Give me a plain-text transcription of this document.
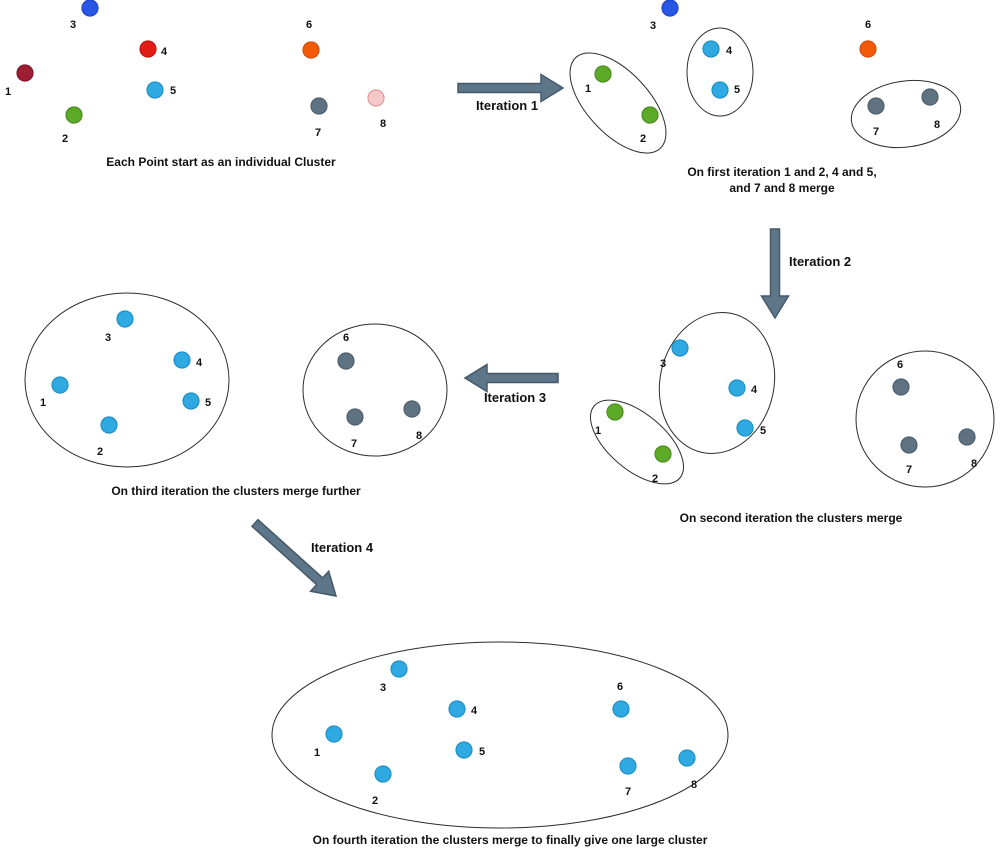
1
2
3
4
5
6
7
8
Each Point start as an individual Cluster
3
1
2
4
5
6
7
8
On first iteration 1 and 2, 4 and 5, and 7 and 8 merge
1
2
3
4
5
6
7	8
On second iteration the clusters merge
1
2
3
4
5
6
7
8
On third iteration the clusters merge further
1
2
3
4
5
6
7
8
On fourth iteration the clusters merge to finally give one large cluster
Iteration 1
Iteration 2
Iteration 3
Iteration 4
